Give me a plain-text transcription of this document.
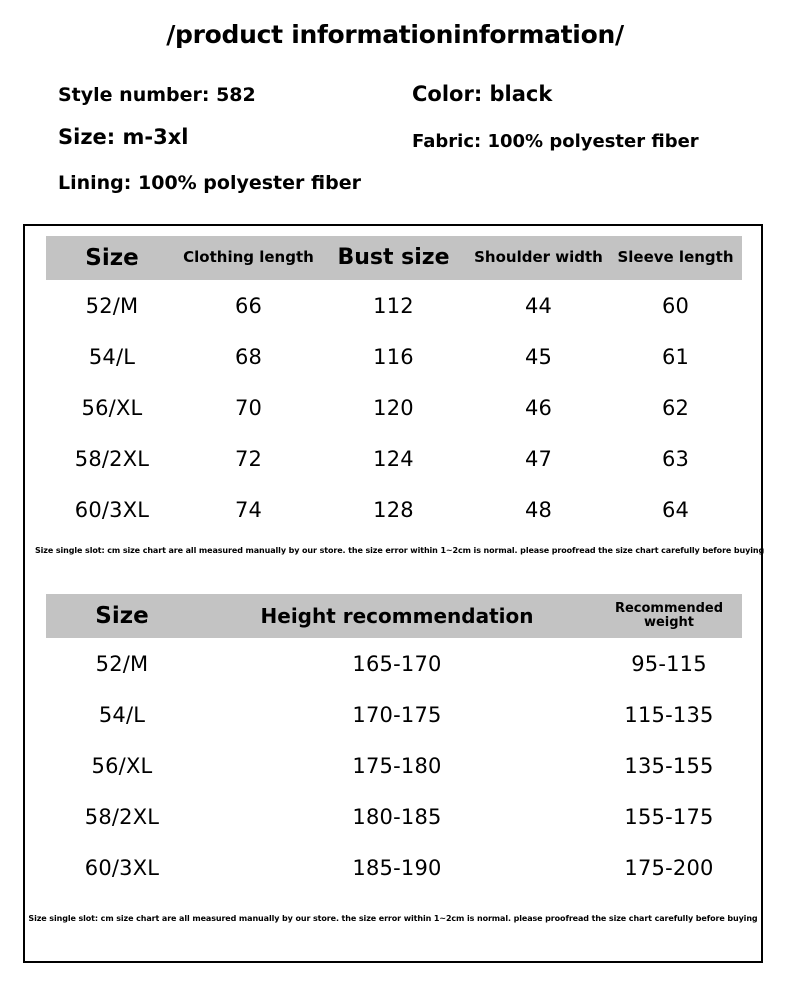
/product informationinformation/
Style number: 582	Color: black
Size: m-3xl	Fabric: 100% polyester fiber
Lining: 100% polyester fiber
Size	Clothing length	Bust size	Shoulder width	Sleeve length
52/M	66	112	44	60
54/L	68	116	45	61
56/XL	70	120	46	62
58/2XL	72	124	47	63
60/3XL	74	128	48	64
Size single slot: cm size chart are all measured manually by our store. the size error within 1~2cm is normal. please proofread the size chart carefully before buying
Size	Height recommendation	Recommended
weight
52/M	165-170	95-115
54/L	170-175	115-135
56/XL	175-180	135-155
58/2XL	180-185	155-175
60/3XL	185-190	175-200
Size single slot: cm size chart are all measured manually by our store. the size error within 1~2cm is normal. please proofread the size chart carefully before buying
